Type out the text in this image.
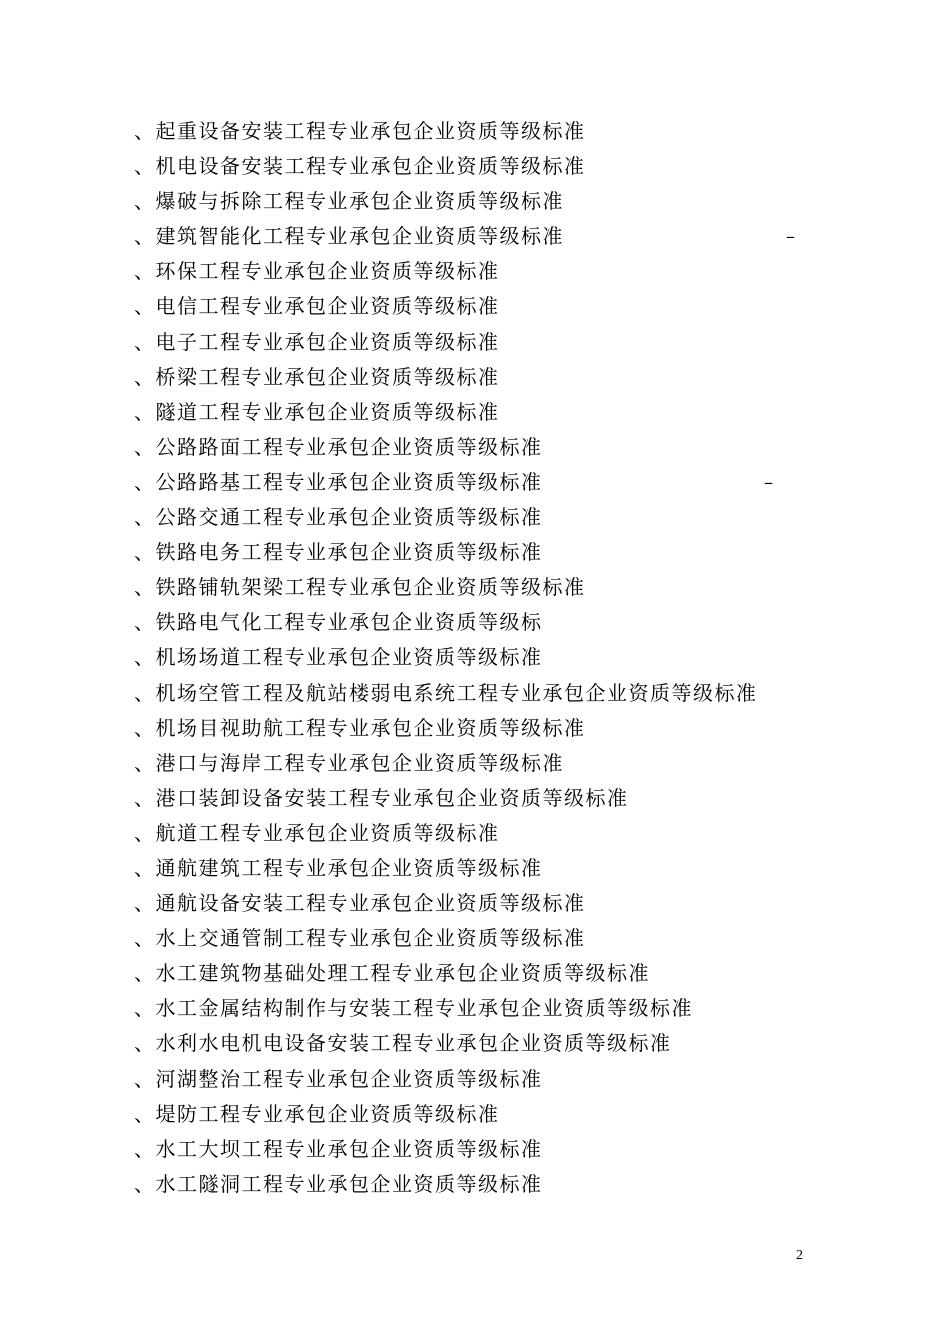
、起重设备安装工程专业承包企业资质等级标准
、机电设备安装工程专业承包企业资质等级标准
、爆破与拆除工程专业承包企业资质等级标准
、建筑智能化工程专业承包企业资质等级标准	–
、环保工程专业承包企业资质等级标准
、电信工程专业承包企业资质等级标准
、电子工程专业承包企业资质等级标准
、桥梁工程专业承包企业资质等级标准
、隧道工程专业承包企业资质等级标准
、公路路面工程专业承包企业资质等级标准
、公路路基工程专业承包企业资质等级标准	–
、公路交通工程专业承包企业资质等级标准
、铁路电务工程专业承包企业资质等级标准
、铁路铺轨架梁工程专业承包企业资质等级标准
、铁路电气化工程专业承包企业资质等级标
、机场场道工程专业承包企业资质等级标准
、机场空管工程及航站楼弱电系统工程专业承包企业资质等级标准
、机场目视助航工程专业承包企业资质等级标准
、港口与海岸工程专业承包企业资质等级标准
、港口装卸设备安装工程专业承包企业资质等级标准
、航道工程专业承包企业资质等级标准
、通航建筑工程专业承包企业资质等级标准
、通航设备安装工程专业承包企业资质等级标准
、水上交通管制工程专业承包企业资质等级标准
、水工建筑物基础处理工程专业承包企业资质等级标准
、水工金属结构制作与安装工程专业承包企业资质等级标准
、水利水电机电设备安装工程专业承包企业资质等级标准
、河湖整治工程专业承包企业资质等级标准
、堤防工程专业承包企业资质等级标准
、水工大坝工程专业承包企业资质等级标准
、水工隧洞工程专业承包企业资质等级标准
2
